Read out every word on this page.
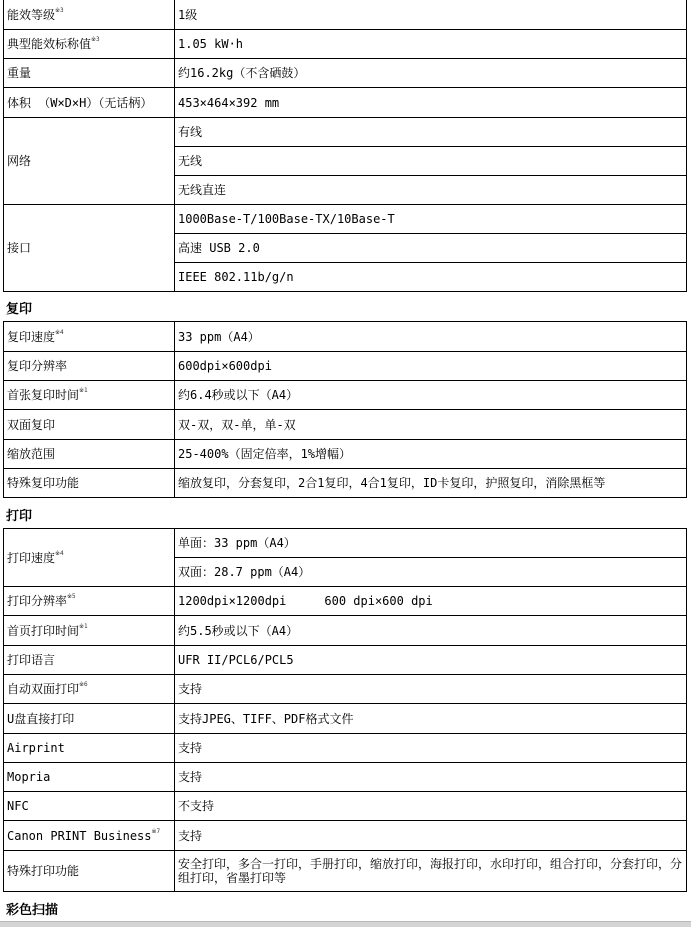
能效等级$^{※3}$	1级
典型能效标称值$^{※3}$	1.05 kW·h
重量	约16.2kg（不含硒鼓）
体积 （W×D×H）（无话柄）	453×464×392 mm
网络	有线
	无线
	无线直连
接口	1000Base-T/100Base-TX/10Base-T
	高速 USB 2.0
	IEEE 802.11b/g/n
复印
复印速度$^{※4}$	33 ppm（A4）
复印分辨率	600dpi×600dpi
首张复印时间$^{※1}$	约6.4秒或以下（A4）
双面复印	双-双，双-单，单-双
缩放范围	25-400%（固定倍率，1%增幅）
特殊复印功能	缩放复印，分套复印，2合1复印，4合1复印，ID卡复印，护照复印，消除黑框等
打印
打印速度$^{※4}$	单面：33 ppm（A4）
	双面：28.7 ppm（A4）
打印分辨率$^{※5}$	1200dpi×1200dpi 600 dpi×600 dpi
首页打印时间$^{※1}$	约5.5秒或以下（A4）
打印语言	UFR II/PCL6/PCL5
自动双面打印$^{※6}$	支持
U盘直接打印	支持JPEG、TIFF、PDF格式文件
Airprint	支持
Mopria	支持
NFC	不支持
Canon PRINT Business$^{※7}$	支持
特殊打印功能	安全打印，多合一打印，手册打印，缩放打印，海报打印，水印打印，组合打印，分套打印，分组打印，省墨打印等
彩色扫描
